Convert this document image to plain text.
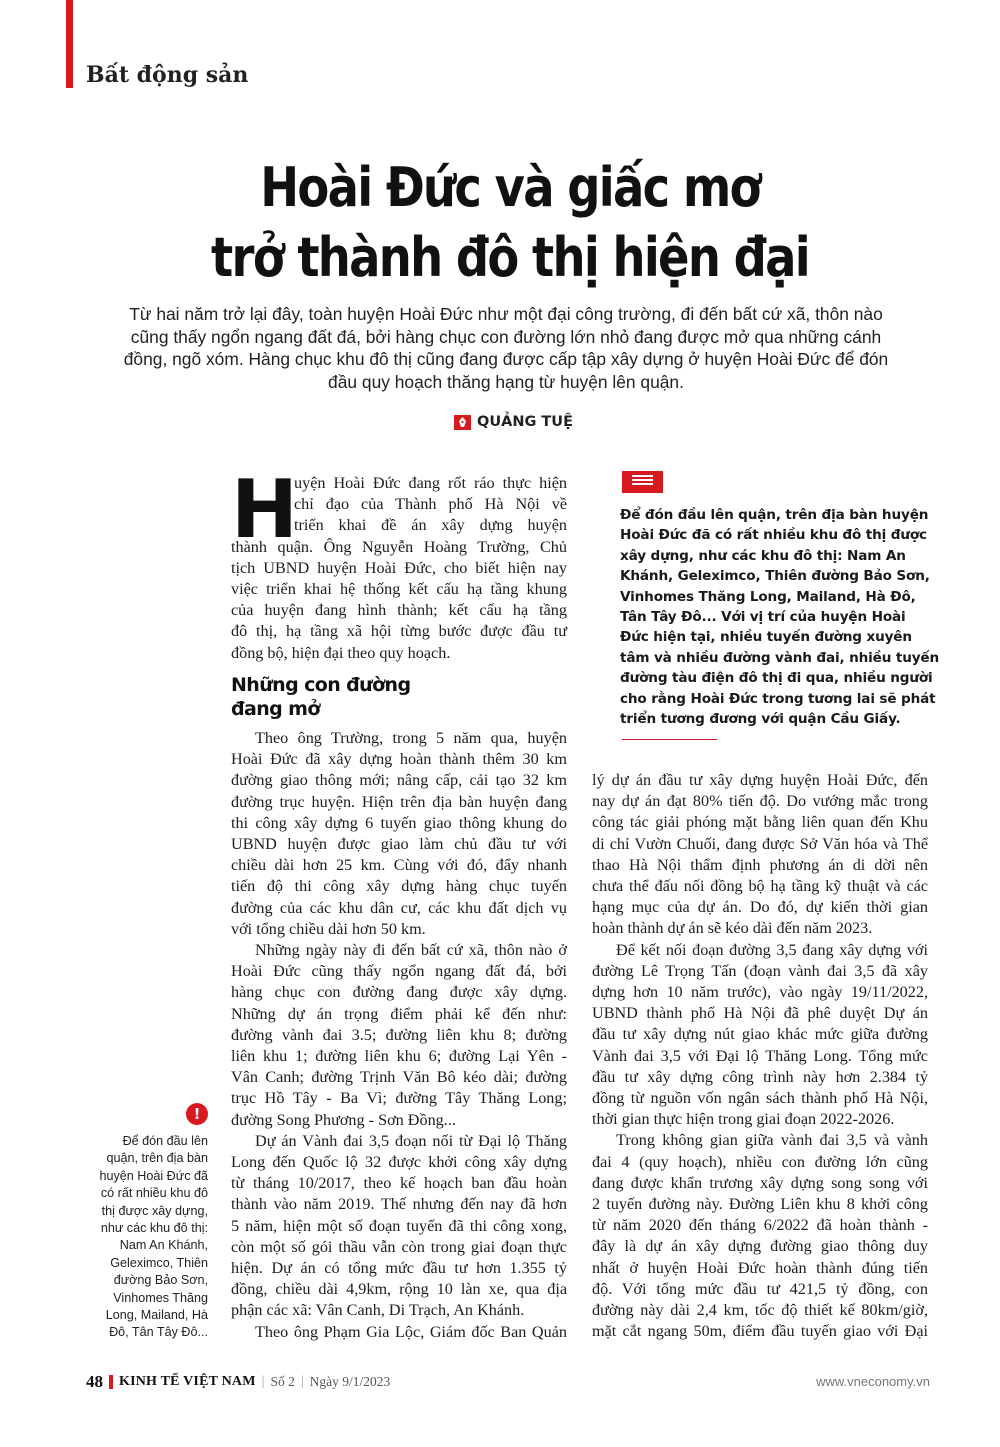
Bất động sản
Hoài Đức và giấc mơ
trở thành đô thị hiện đại
Từ hai năm trở lại đây, toàn huyện Hoài Đức như một đại công trường, đi đến bất cứ xã, thôn nào
cũng thấy ngổn ngang đất đá, bởi hàng chục con đường lớn nhỏ đang được mở qua những cánh
đồng, ngõ xóm. Hàng chục khu đô thị cũng đang được cấp tập xây dựng ở huyện Hoài Đức để đón
đầu quy hoạch thăng hạng từ huyện lên quận.
QUẢNG TUỆ
H
uyện Hoài Đức đang rốt ráo thực hiện
chỉ đạo của Thành phố Hà Nội về
triển khai đề án xây dựng huyện
thành quận. Ông Nguyễn Hoàng Trường, Chủ
tịch UBND huyện Hoài Đức, cho biết hiện nay
việc triển khai hệ thống kết cấu hạ tầng khung
của huyện đang hình thành; kết cấu hạ tầng
đô thị, hạ tầng xã hội từng bước được đầu tư
đồng bộ, hiện đại theo quy hoạch.
Những con đường
đang mở
Theo ông Trường, trong 5 năm qua, huyện
Hoài Đức đã xây dựng hoàn thành thêm 30 km
đường giao thông mới; nâng cấp, cải tạo 32 km
đường trục huyện. Hiện trên địa bàn huyện đang
thi công xây dựng 6 tuyến giao thông khung do
UBND huyện được giao làm chủ đầu tư với
chiều dài hơn 25 km. Cùng với đó, đẩy nhanh
tiến độ thi công xây dựng hàng chục tuyến
đường của các khu dân cư, các khu đất dịch vụ
với tổng chiều dài hơn 50 km.
Những ngày này đi đến bất cứ xã, thôn nào ở
Hoài Đức cũng thấy ngổn ngang đất đá, bởi
hàng chục con đường đang được xây dựng.
Những dự án trọng điểm phải kể đến như:
đường vành đai 3.5; đường liên khu 8; đường
liên khu 1; đường liên khu 6; đường Lại Yên -
Vân Canh; đường Trịnh Văn Bô kéo dài; đường
trục Hồ Tây - Ba Vì; đường Tây Thăng Long;
đường Song Phương - Sơn Đồng...
Dự án Vành đai 3,5 đoạn nối từ Đại lộ Thăng
Long đến Quốc lộ 32 được khởi công xây dựng
từ tháng 10/2017, theo kế hoạch ban đầu hoàn
thành vào năm 2019. Thế nhưng đến nay đã hơn
5 năm, hiện một số đoạn tuyến đã thi công xong,
còn một số gói thầu vẫn còn trong giai đoạn thực
hiện. Dự án có tổng mức đầu tư hơn 1.355 tỷ
đồng, chiều dài 4,9km, rộng 10 làn xe, qua địa
phận các xã: Vân Canh, Di Trạch, An Khánh.
Theo ông Phạm Gia Lộc, Giám đốc Ban Quản
Để đón đầu lên quận, trên địa bàn huyện
Hoài Đức đã có rất nhiều khu đô thị được
xây dựng, như các khu đô thị: Nam An
Khánh, Geleximco, Thiên đường Bảo Sơn,
Vinhomes Thăng Long, Mailand, Hà Đô,
Tân Tây Đô... Với vị trí của huyện Hoài
Đức hiện tại, nhiều tuyến đường xuyên
tâm và nhiều đường vành đai, nhiều tuyến
đường tàu điện đô thị đi qua, nhiều người
cho rằng Hoài Đức trong tương lai sẽ phát
triển tương đương với quận Cầu Giấy.
lý dự án đầu tư xây dựng huyện Hoài Đức, đến
nay dự án đạt 80% tiến độ. Do vướng mắc trong
công tác giải phóng mặt bằng liên quan đến Khu
di chỉ Vườn Chuối, đang được Sở Văn hóa và Thể
thao Hà Nội thẩm định phương án di dời nên
chưa thể đấu nối đồng bộ hạ tầng kỹ thuật và các
hạng mục của dự án. Do đó, dự kiến thời gian
hoàn thành dự án sẽ kéo dài đến năm 2023.
Để kết nối đoạn đường 3,5 đang xây dựng với
đường Lê Trọng Tấn (đoạn vành đai 3,5 đã xây
dựng hơn 10 năm trước), vào ngày 19/11/2022,
UBND thành phố Hà Nội đã phê duyệt Dự án
đầu tư xây dựng nút giao khác mức giữa đường
Vành đai 3,5 với Đại lộ Thăng Long. Tổng mức
đầu tư xây dựng công trình này hơn 2.384 tỷ
đồng từ nguồn vốn ngân sách thành phố Hà Nội,
thời gian thực hiện trong giai đoạn 2022-2026.
Trong không gian giữa vành đai 3,5 và vành
đai 4 (quy hoạch), nhiều con đường lớn cũng
đang được khẩn trương xây dựng song song với
2 tuyến đường này. Đường Liên khu 8 khởi công
từ năm 2020 đến tháng 6/2022 đã hoàn thành -
đây là dự án xây dựng đường giao thông duy
nhất ở huyện Hoài Đức hoàn thành đúng tiến
độ. Với tổng mức đầu tư 421,5 tỷ đồng, con
đường này dài 2,4 km, tốc độ thiết kế 80km/giờ,
mặt cắt ngang 50m, điểm đầu tuyến giao với Đại
!
Để đón đầu lên
quận, trên địa bàn
huyện Hoài Đức đã
có rất nhiều khu đô
thị được xây dựng,
như các khu đô thị:
Nam An Khánh,
Geleximco, Thiên
đường Bảo Sơn,
Vinhomes Thăng
Long, Mailand, Hà
Đô, Tân Tây Đô...
48 KINH TẾ VIỆT NAM | Số 2 | Ngày 9/1/2023	www.vneconomy.vn
